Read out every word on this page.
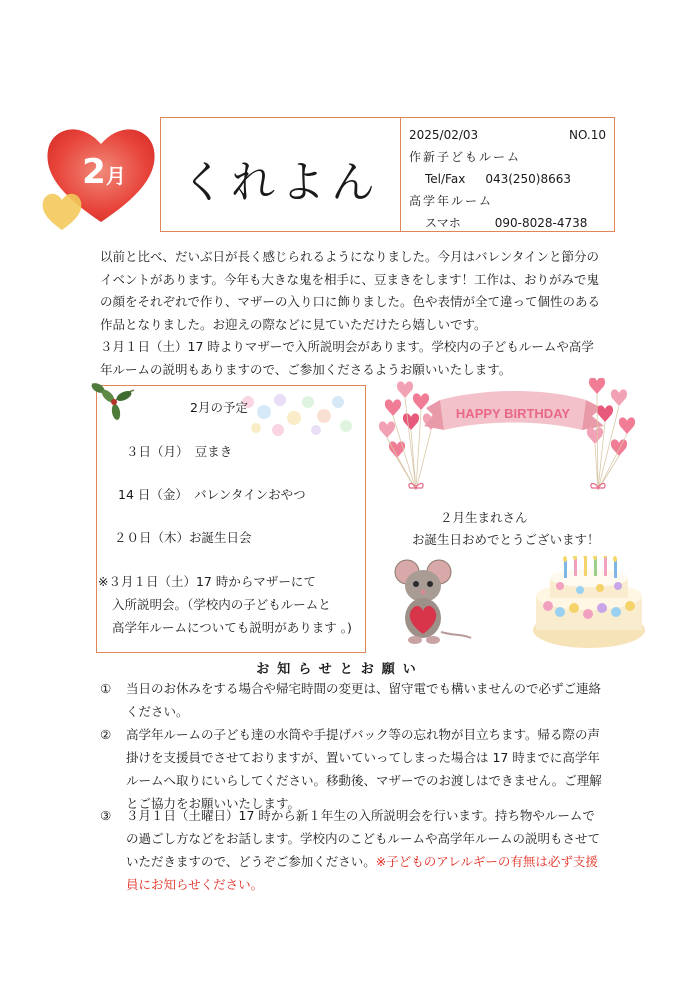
2月	くれよん
2025/02/03	NO.10
作新子どもルーム
Tel/Fax 043(250)8663
高学年ルーム
スマホ	090-8028-4738

以前と比べ、だいぶ日が長く感じられるようになりました。今月はバレンタインと節分の

イベントがあります。今年も大きな鬼を相手に、豆まきをします！工作は、おりがみで鬼

の顔をそれぞれで作り、マザーの入り口に飾りました。色や表情が全て違って個性のある

作品となりました。お迎えの際などに見ていただけたら嬉しいです。

３月１日（土）17 時よりマザーで入所説明会があります。学校内の子どもルームや高学

年ルームの説明もありますので、ご参加くださるようお願いいたします。

2月の予定
３日（月）　豆まき
14 日（金）　バレンタインおやつ
２０日（木）お誕生日会
※３月１日（土）17 時からマザーにて
入所説明会。（学校内の子どもルームと
高学年ルームについても説明があります 。)
HAPPY BIRTHDAY
２月生まれさん
お誕生日おめでとうございます！
お知らせとお願い
①	当日のお休みをする場合や帰宅時間の変更は、留守電でも構いませんので必ずご連絡

ください。

②	高学年ルームの子ども達の水筒や手提げバック等の忘れ物が目立ちます。帰る際の声

掛けを支援員でさせておりますが、置いていってしまった場合は 17 時までに高学年

ルームへ取りにいらしてください。移動後、マザーでのお渡しはできません。ご理解

とご協力をお願いいたします。

③	３月１日（土曜日）17 時から新１年生の入所説明会を行います。持ち物やルームで

の過ごし方などをお話します。学校内のこどもルームや高学年ルームの説明もさせて

いただきますので、どうぞご参加ください。※子どものアレルギーの有無は必ず支援

員にお知らせください。
